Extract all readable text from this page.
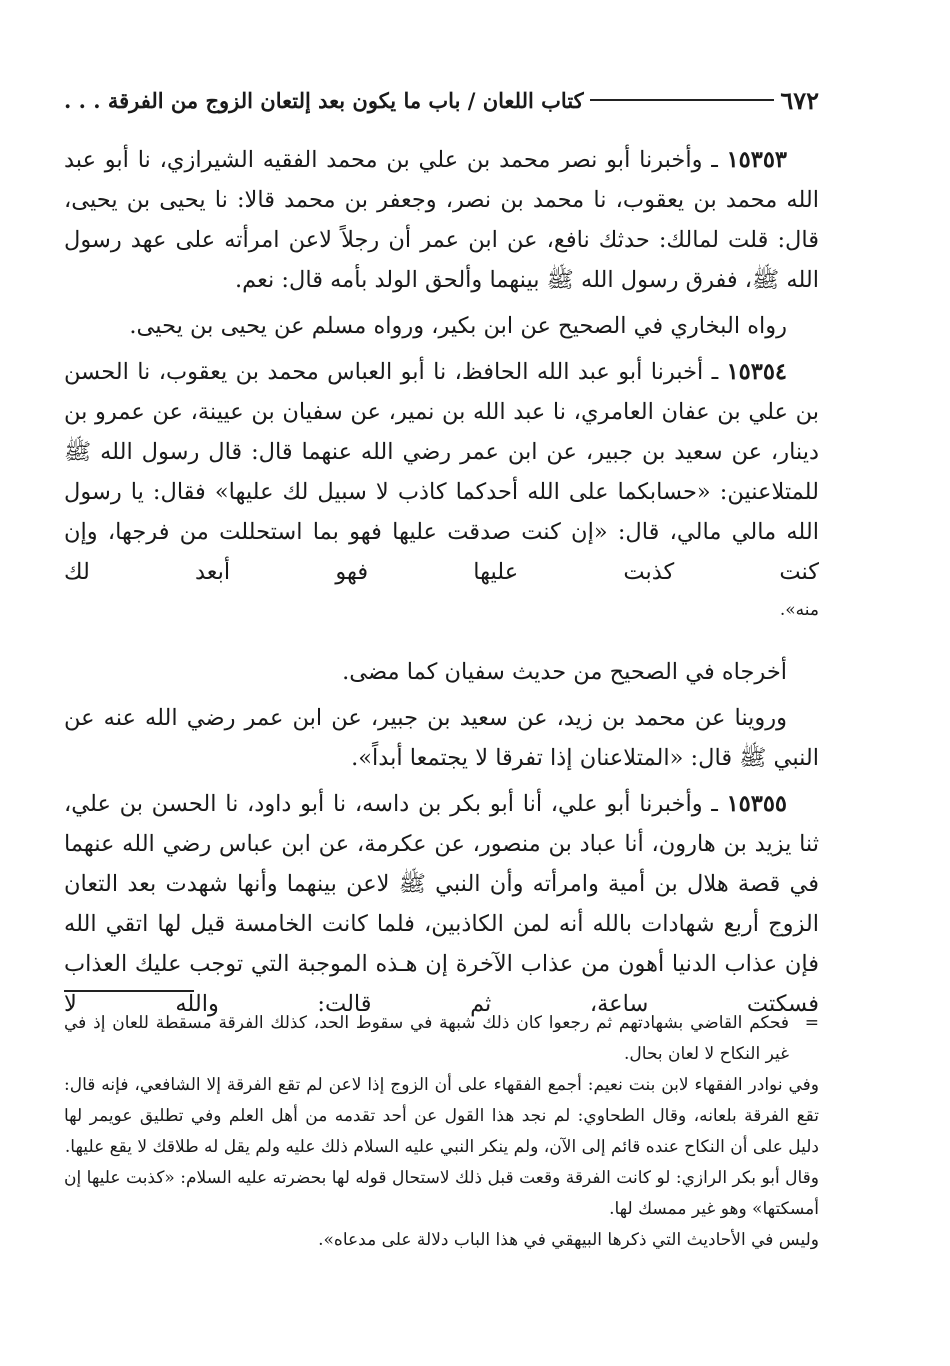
٦٧٢
كتاب اللعان / باب ما يكون بعد إلتعان الزوج من الفرقة . . .

١٥٣٥٣ ـ وأخبرنا أبو نصر محمد بن علي بن محمد الفقيه الشيرازي، نا أبو عبد الله محمد بن يعقوب، نا محمد بن نصر، وجعفر بن محمد قالا: نا يحيى بن يحيى، قال: قلت لمالك: حدثك نافع، عن ابن عمر أن رجلاً لاعن امرأته على عهد رسول الله ﷺ، ففرق رسول الله ﷺ بينهما وألحق الولد بأمه قال: نعم.

رواه البخاري في الصحيح عن ابن بكير، ورواه مسلم عن يحيى بن يحيى.

١٥٣٥٤ ـ أخبرنا أبو عبد الله الحافظ، نا أبو العباس محمد بن يعقوب، نا الحسن بن علي بن عفان العامري، نا عبد الله بن نمير، عن سفيان بن عيينة، عن عمرو بن دينار، عن سعيد بن جبير، عن ابن عمر رضي الله عنهما قال: قال رسول الله ﷺ للمتلاعنين: «حسابكما على الله أحدكما كاذب لا سبيل لك عليها» فقال: يا رسول الله مالي مالي، قال: «إن كنت صدقت عليها فهو بما استحللت من فرجها، وإن كنت كذبت عليها فهو أبعد لك

منه».

أخرجاه في الصحيح من حديث سفيان كما مضى.

وروينا عن محمد بن زيد، عن سعيد بن جبير، عن ابن عمر رضي الله عنه عن النبي ﷺ قال: «المتلاعنان إذا تفرقا لا يجتمعا‏ ‏أبداً».

١٥٣٥٥ ـ وأخبرنا أبو علي، أنا أبو بكر بن داسه، نا أبو داود، نا الحسن بن علي، ثنا يزيد بن هارون، أنا عباد بن منصور، عن عكرمة، عن ابن عباس رضي الله عنهما في قصة هلال بن أمية وامرأته وأن النبي ﷺ لاعن بينهما وأنها شهدت بعد التعان الزوج أربع شهادات بالله أنه لمن الكاذبين، فلما كانت الخامسة قيل لها اتقي الله فإن عذاب الدنيا أهون من عذاب الآخرة إن هـذه الموجبة التي توجب عليك العذاب فسكتت ساعة، ثم قالت: والله لا

=فحكم القاضي بشهادتهم ثم رجعوا كان ذلك شبهة في سقوط الحد، كذلك الفرقة مسقطة للعان إذ في غير النكاح لا لعان بحال.

وفي نوادر الفقهاء لابن بنت نعيم: أجمع الفقهاء على أن الزوج إذا لاعن لم تقع الفرقة إلا الشافعي، فإنه قال: تقع الفرقة بلعانه، وقال الطحاوي: لم نجد هذا القول عن أحد تقدمه من أهل العلم وفي تطليق عويمر لها دليل على أن النكاح عنده قائم إلى الآن، ولم ينكر النبي عليه السلام ذلك عليه ولم يقل له طلاقك لا يقع عليها.

وقال أبو بكر الرازي: لو كانت الفرقة وقعت قبل ذلك لاستحال قوله لها بحضرته عليه السلام: «كذبت عليها إن أمسكتها» وهو غير ممسك لها.

وليس في الأحاديث التي ذكرها البيهقي في هذا الباب دلالة على مدعاه».
